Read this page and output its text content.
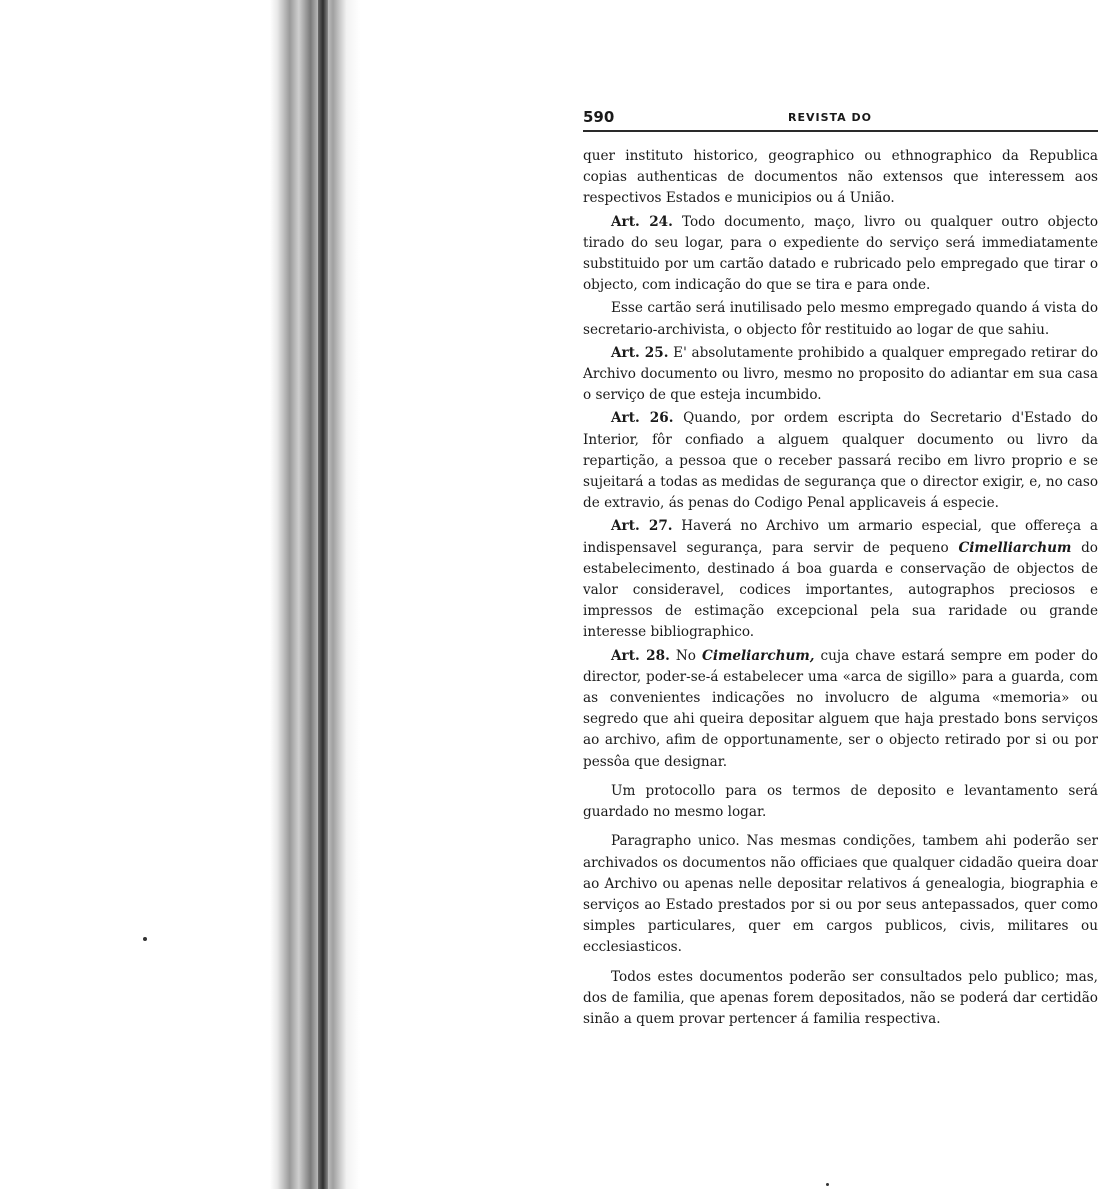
590	REVISTA DO

quer instituto historico, geographico ou ethnographico da Republica copias authenticas de documentos não extensos que interessem aos respectivos Estados e municipios ou á União.

Art. 24. Todo documento, maço, livro ou qualquer outro objecto tirado do seu logar, para o expediente do serviço será immediatamente substituido por um cartão datado e rubricado pelo empregado que tirar o objecto, com indicação do que se tira e para onde.

Esse cartão será inutilisado pelo mesmo empregado quando á vista do secretario-archivista, o objecto fôr restituido ao logar de que sahiu.

Art. 25. E' absolutamente prohibido a qualquer empregado retirar do Archivo documento ou livro, mesmo no proposito do adiantar em sua casa o serviço de que esteja incumbido.

Art. 26. Quando, por ordem escripta do Secretario d'Estado do Interior, fôr confiado a alguem qualquer documento ou livro da repartição, a pessoa que o receber passará recibo em livro proprio e se sujeitará a todas as medidas de segurança que o director exigir, e, no caso de extravio, ás penas do Codigo Penal applicaveis á especie.

Art. 27. Haverá no Archivo um armario especial, que offereça a indispensavel segurança, para servir de pequeno Cimelliarchum do estabelecimento, destinado á boa guarda e conservação de objectos de valor consideravel, codices importantes, autographos preciosos e impressos de estimação excepcional pela sua raridade ou grande interesse bibliographico.

Art. 28. No Cimeliarchum, cuja chave estará sempre em poder do director, poder-se-á estabelecer uma «arca de sigillo» para a guarda, com as convenientes indicações no involucro de alguma «memoria» ou segredo que ahi queira depositar alguem que haja prestado bons serviços ao archivo, afim de opportunamente, ser o objecto retirado por si ou por pessôa que designar.

Um protocollo para os termos de deposito e levantamento será guardado no mesmo logar.

Paragrapho unico. Nas mesmas condições, tambem ahi poderão ser archivados os documentos não officiaes que qualquer cidadão queira doar ao Archivo ou apenas nelle depositar relativos á genealogia, biographia e serviços ao Estado prestados por si ou por seus antepassados, quer como simples particulares, quer em cargos publicos, civis, militares ou ecclesiasticos.

Todos estes documentos poderão ser consultados pelo publico; mas, dos de familia, que apenas forem depositados, não se poderá dar certidão sinão a quem provar pertencer á familia respectiva.
